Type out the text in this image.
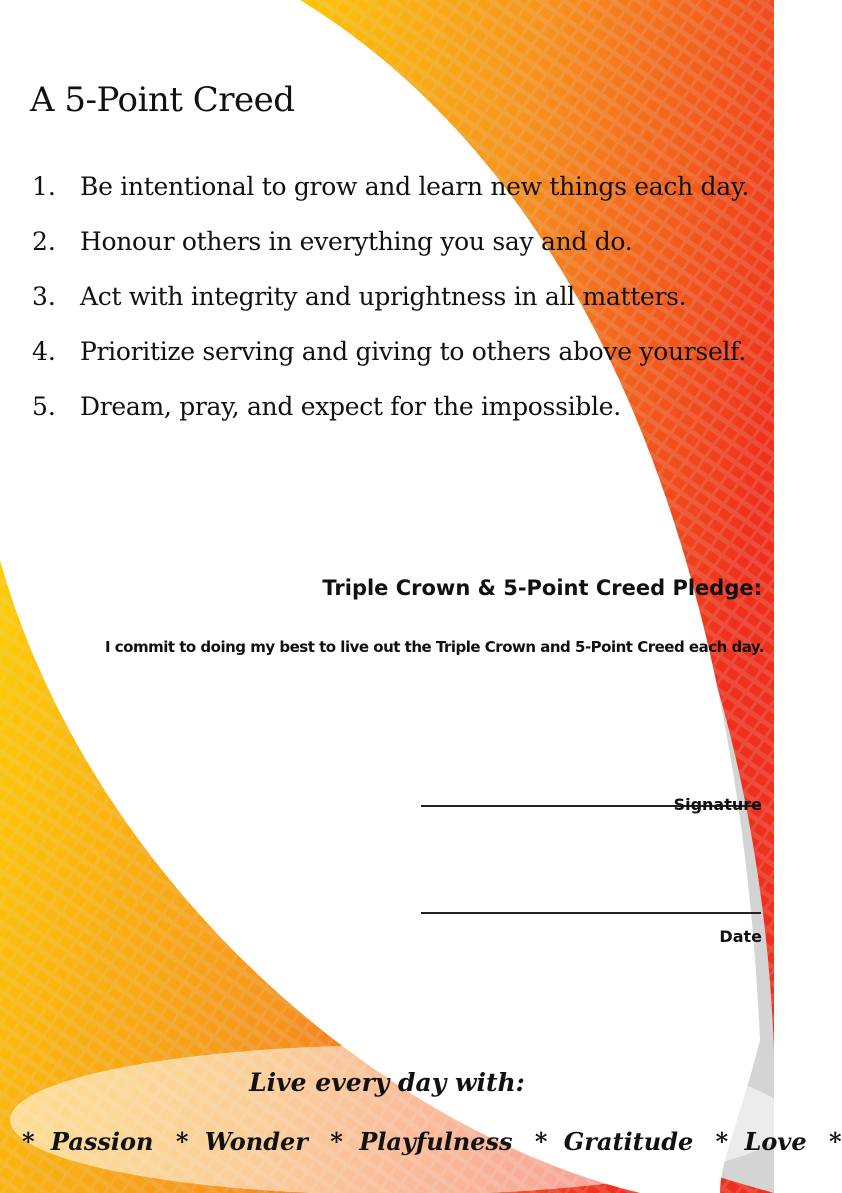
A 5-Point Creed
1. Be intentional to grow and learn new things each day.
2. Honour others in everything you say and do.
3. Act with integrity and uprightness in all matters.
4. Prioritize serving and giving to others above yourself.
5. Dream, pray, and expect for the impossible.
Triple Crown & 5-Point Creed Pledge:
I commit to doing my best to live out the Triple Crown and 5-Point Creed each day.
Signature
Date
Live every day with:
* Passion * Wonder * Playfulness * Gratitude * Love *
